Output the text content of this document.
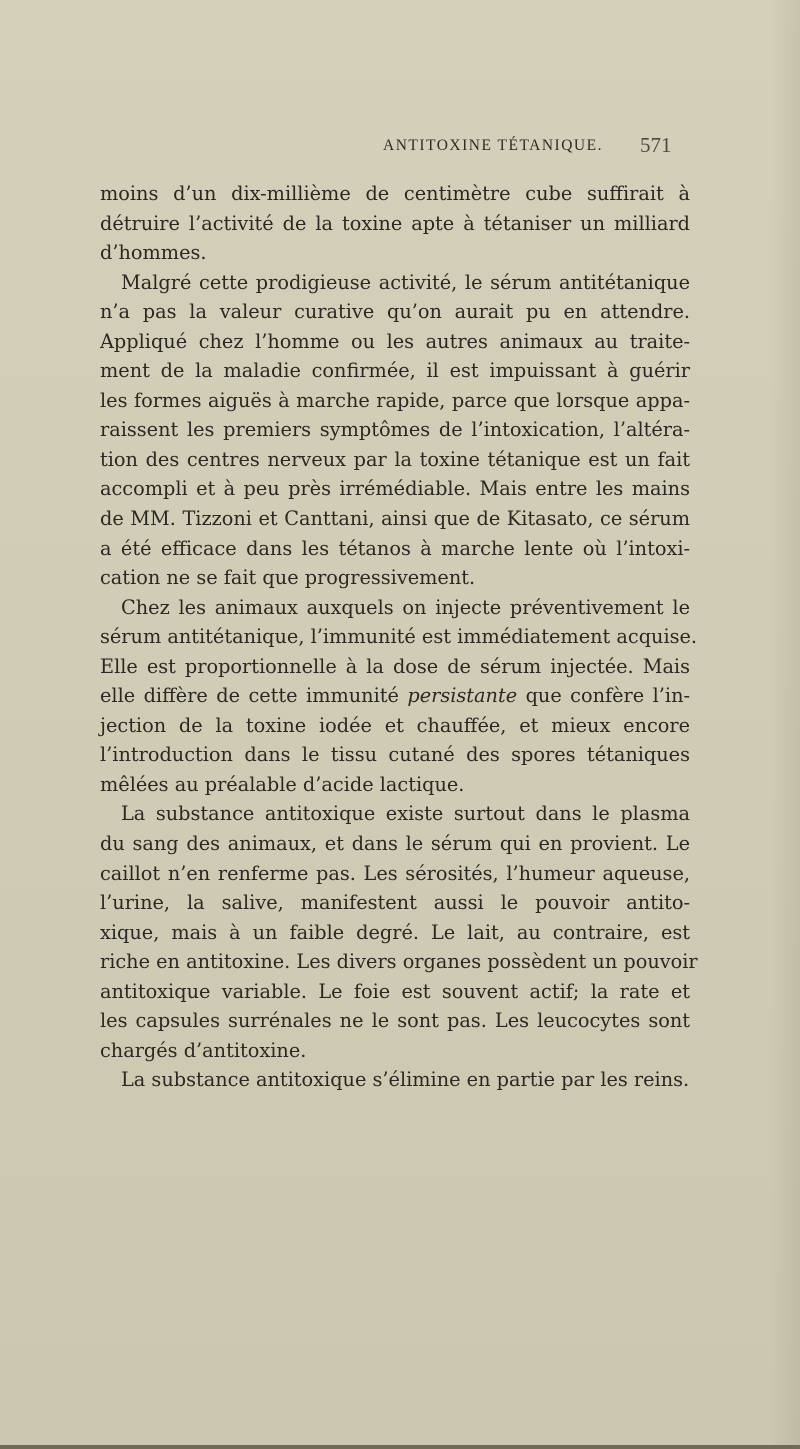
ANTITOXINE TÉTANIQUE. 571
moins d’un dix-millième de centimètre cube suffirait à
détruire l’activité de la toxine apte à tétaniser un milliard
d’hommes.
Malgré cette prodigieuse activité, le sérum antitétanique
n’a pas la valeur curative qu’on aurait pu en attendre.
Appliqué chez l’homme ou les autres animaux au traite-
ment de la maladie confirmée, il est impuissant à guérir
les formes aiguës à marche rapide, parce que lorsque appa-
raissent les premiers symptômes de l’intoxication, l’altéra-
tion des centres nerveux par la toxine tétanique est un fait
accompli et à peu près irrémédiable. Mais entre les mains
de MM. Tizzoni et Canttani, ainsi que de Kitasato, ce sérum
a été efficace dans les tétanos à marche lente où l’intoxi-
cation ne se fait que progressivement.
Chez les animaux auxquels on injecte préventivement le
sérum antitétanique, l’immunité est immédiatement acquise.
Elle est proportionnelle à la dose de sérum injectée. Mais
elle diffère de cette immunité persistante que confère l’in-
jection de la toxine iodée et chauffée, et mieux encore
l’introduction dans le tissu cutané des spores tétaniques
mêlées au préalable d’acide lactique.
La substance antitoxique existe surtout dans le plasma
du sang des animaux, et dans le sérum qui en provient. Le
caillot n’en renferme pas. Les sérosités, l’humeur aqueuse,
l’urine, la salive, manifestent aussi le pouvoir antito-
xique, mais à un faible degré. Le lait, au contraire, est
riche en antitoxine. Les divers organes possèdent un pouvoir
antitoxique variable. Le foie est souvent actif; la rate et
les capsules surrénales ne le sont pas. Les leucocytes sont
chargés d’antitoxine.
La substance antitoxique s’élimine en partie par les reins.
